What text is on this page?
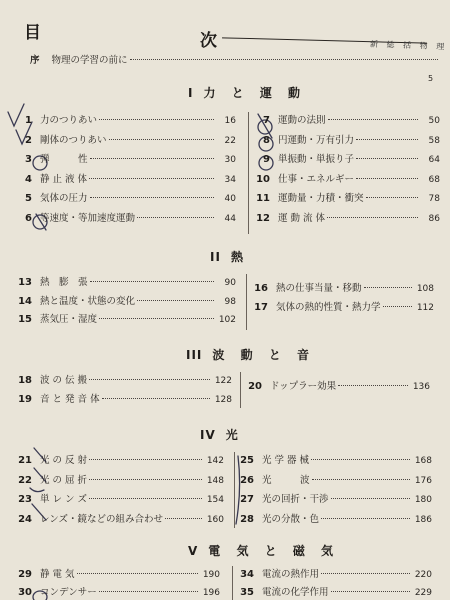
目	次	新 総 括 物 理
序 物理の学習の前に
5
I 力 と 運 動
II 熱
III 波 動 と 音
IV 光
V 電 気 と 磁 気
1 力のつりあい	16
2 剛体のつりあい	22
3 弾　　　性	30
4 静 止 液 体	34
5 気体の圧力	40
6 等速度・等加速度運動	44
7 運動の法則	50
8 円運動・万有引力	58
9 単振動・単振り子	64
10 仕事・エネルギー	68
11 運動量・力積・衝突	78
12 運 動 流 体	86
13 熱　膨　張	90
14 熱と温度・状態の変化	98
15 蒸気圧・湿度	102
16 熱の仕事当量・移動	108
17 気体の熱的性質・熱力学	112
18 波 の 伝 搬	122
19 音 と 発 音 体	128
20 ドップラー効果	136
21 光 の 反 射	142
22 光 の 屈 折	148
23 単 レ ン ズ	154
24 レンズ・鏡などの組み合わせ	160
25 光 学 器 械	168
26 光　　　波	176
27 光の回折・干渉	180
28 光の分散・色	186
29 静 電 気	190
30 コンデンサー	196
34 電流の熱作用	220
35 電流の化学作用	229
